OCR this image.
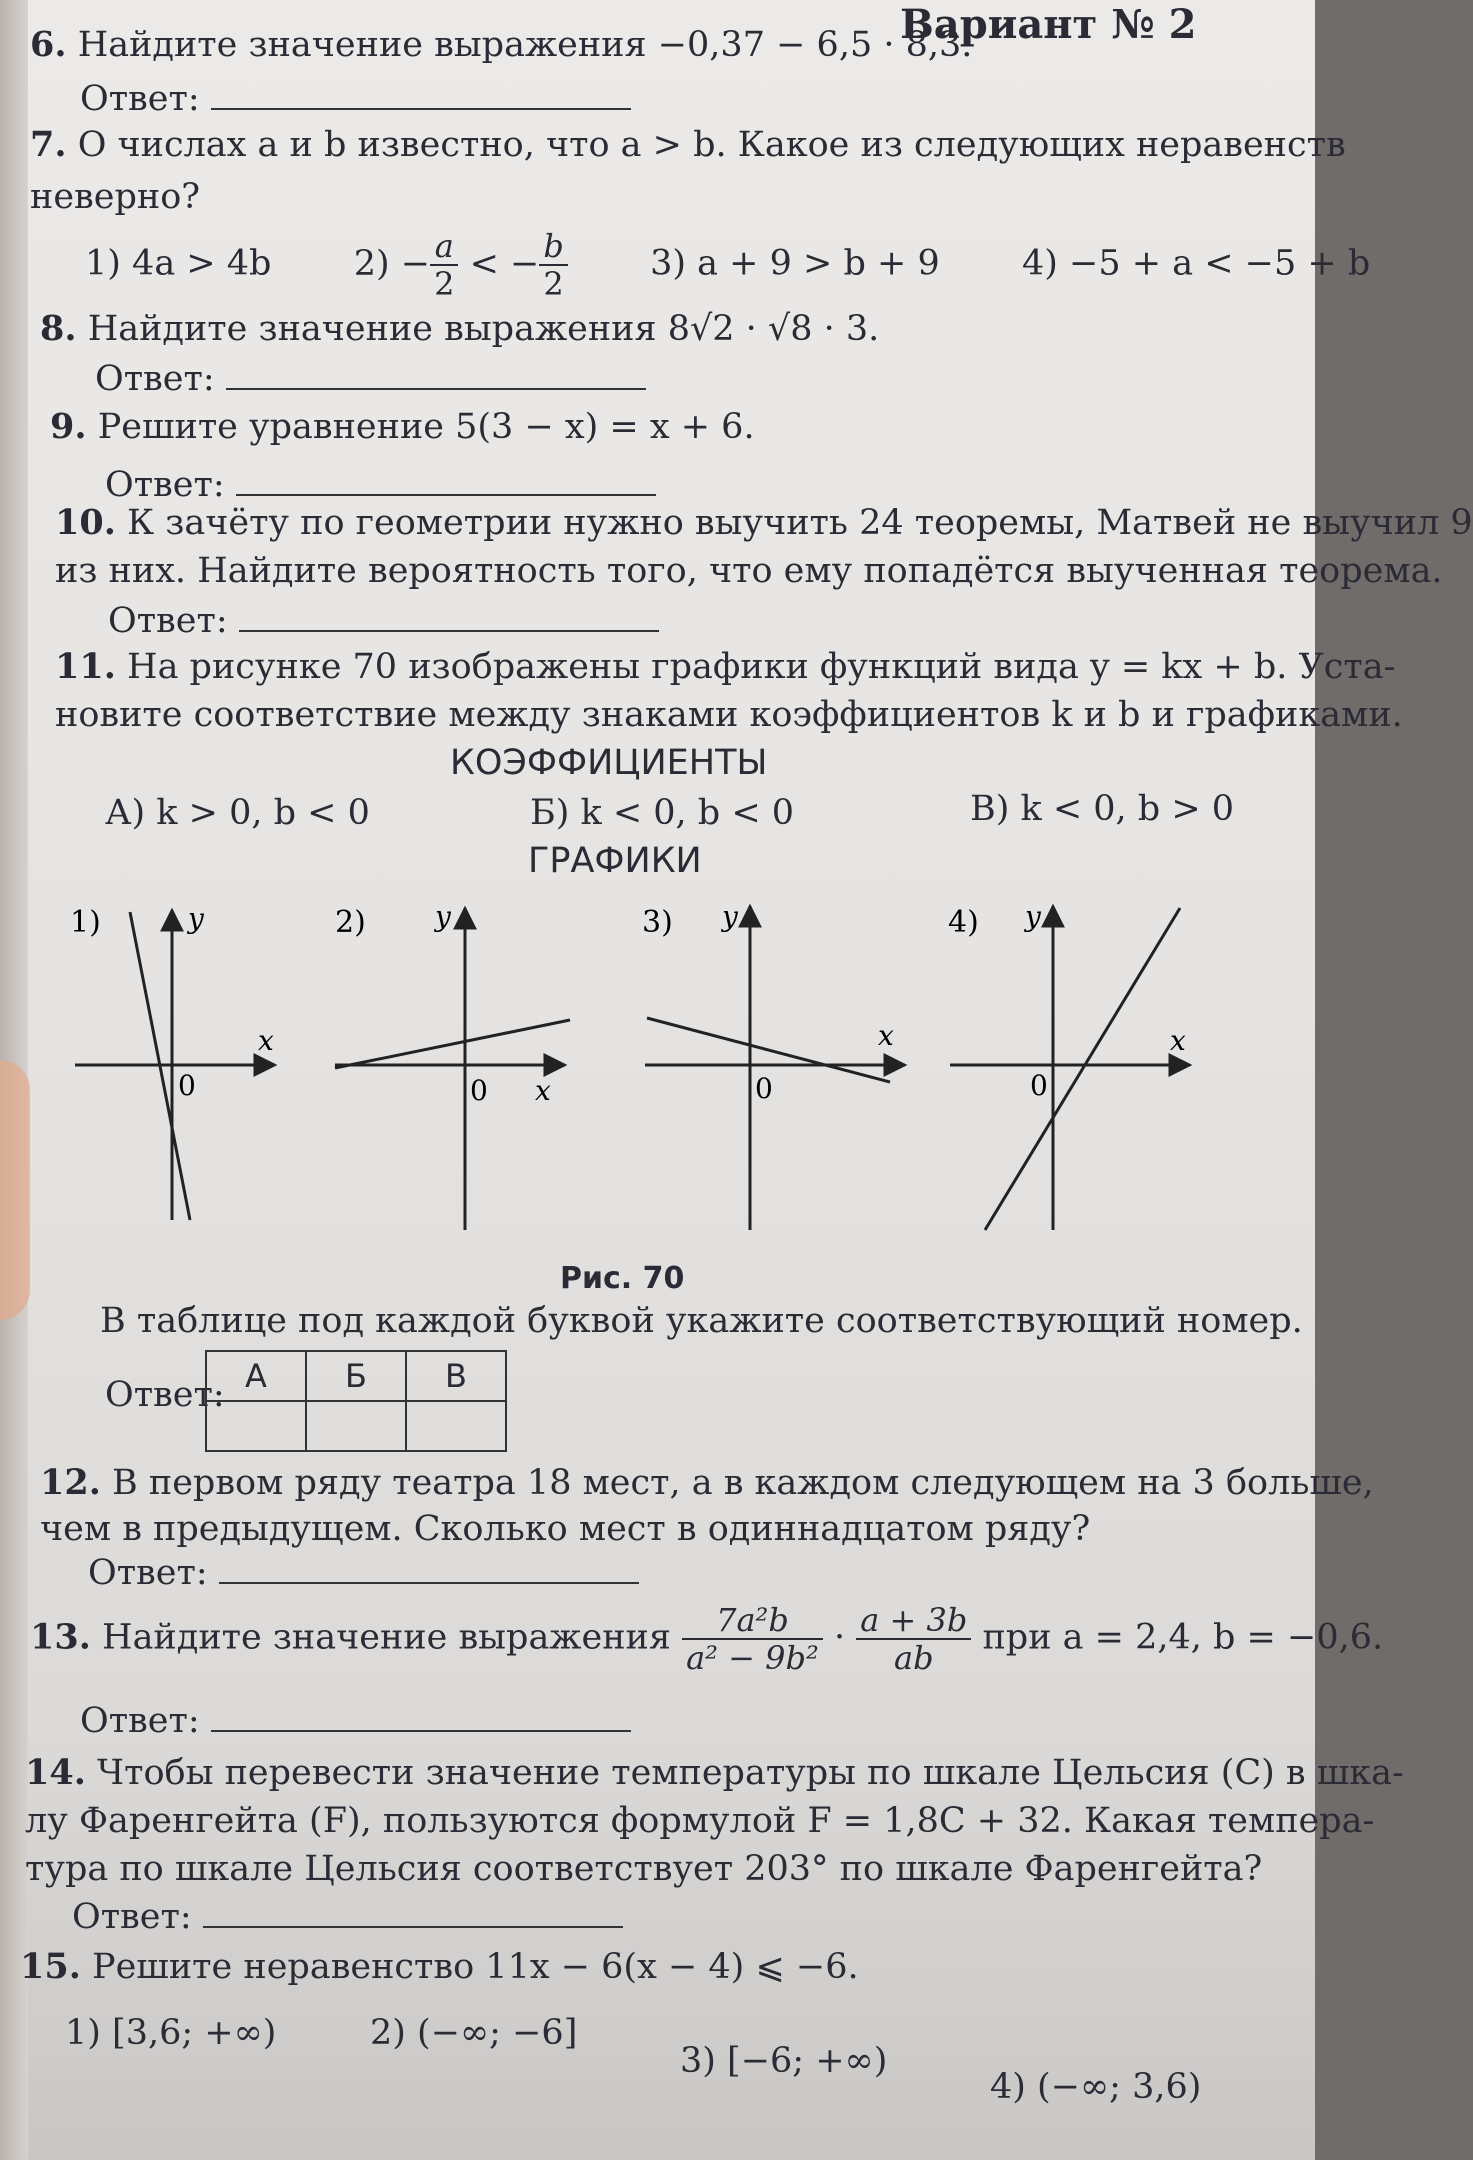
Вариант № 2
6. Найдите значение выражения −0,37 − 6,5 · 8,3.
Ответ:
7. О числах a и b известно, что a > b. Какое из следующих неравенств
неверно?
1) 4a > 4b $2) - \frac{a}{2}$ < − $\frac{b}{2} 3$) a + 9 > b + 9 4) −5 + a < −5 + b
8. Найдите значение выражения 8√2 · √8 · 3.
Ответ:
9. Решите уравнение 5(3 − x) = x + 6.
Ответ:
10. К зачёту по геометрии нужно выучить 24 теоремы, Матвей не выучил 9
из них. Найдите вероятность того, что ему попадётся выученная теорема.
Ответ:
11. На рисунке 70 изображены графики функций вида y = kx + b. Уста-
новите соответствие между знаками коэффициентов k и b и графиками.
КОЭФФИЦИЕНТЫ
А) k > 0, b < 0	Б) k < 0, b < 0	В) k < 0, b > 0
ГРАФИКИ
1)	y
x
0
2) y
x
0
3) y
x
0
4) y
x
0
Рис. 70
В таблице под каждой буквой укажите соответствующий номер.
Ответ: А	Б	В

12. В первом ряду театра 18 мест, а в каждом следующем на 3 больше,
чем в предыдущем. Сколько мест в одиннадцатом ряду?
Ответ:
13. Найдите значение выражения $\frac{\text{7a²b}}{\text{a² − 9b²}} \cdot \frac{a + 3b}{ab}$ при a = 2,4, b = −0,6.
Ответ:
14. Чтобы перевести значение температуры по шкале Цельсия (C) в шка-
лу Фаренгейта (F), пользуются формулой F = 1,8C + 32. Какая темпера-
тура по шкале Цельсия соответствует 203° по шкале Фаренгейта?
Ответ:
15. Решите неравенство 11x − 6(x − 4) ⩽ −6.
1) [3,6; +∞)	2) (−∞; −6]
3) [−6; +∞)
4) (−∞; 3,6)
